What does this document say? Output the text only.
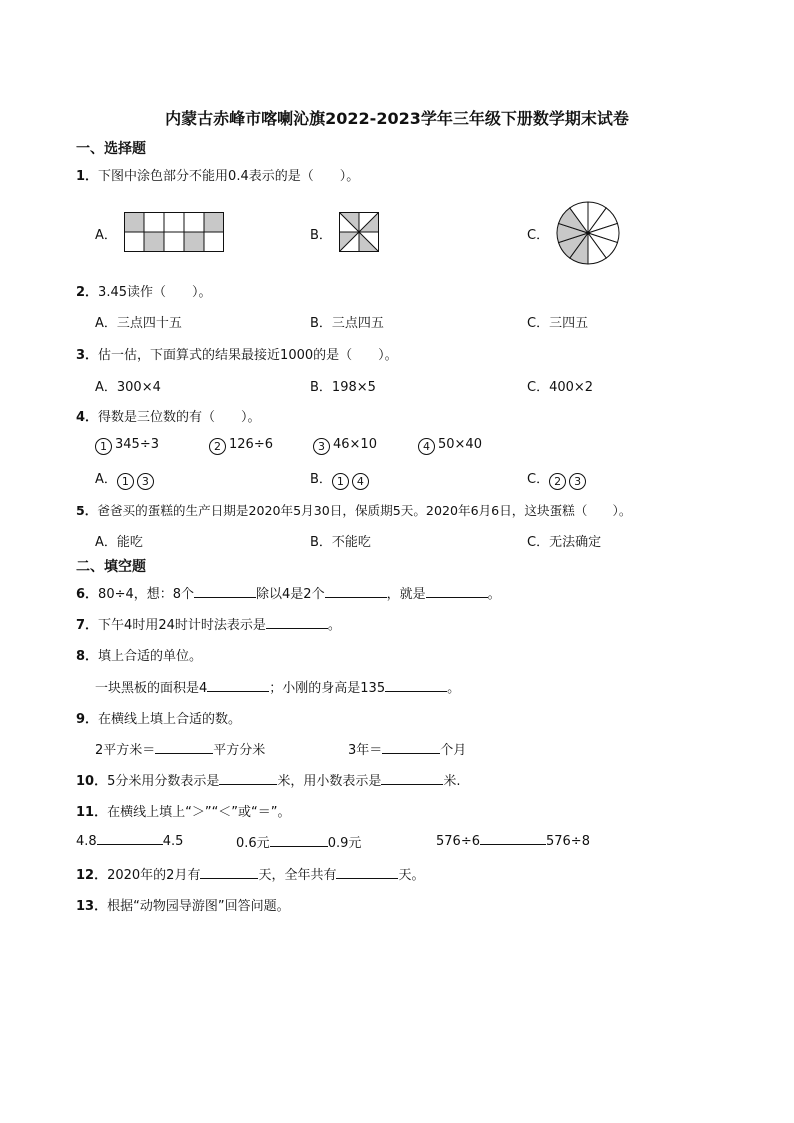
内蒙古赤峰市喀喇沁旗2022-2023学年三年级下册数学期末试卷
一、选择题
1．下图中涂色部分不能用0.4表示的是（　　）。
A．	B．	C．
2．3.45读作（　　）。
A．三点四十五	B．三点四五	C．三四五
3．估一估，下面算式的结果最接近1000的是（　　）。
A．300×4	B．198×5	C．400×2
4．得数是三位数的有（　　）。
1 345÷3	2 126÷6	3 46×10	4 50×40
A． 1 3	B． 1 4	C． 2 3
5．爸爸买的蛋糕的生产日期是2020年5月30日，保质期5天。2020年6月6日，这块蛋糕（　　）。
A．能吃	B．不能吃	C．无法确定
二、填空题
6．80÷4，想：8个	除以4是2个	，就是	。
7．下午4时用24时计时法表示是	。
8．填上合适的单位。
一块黑板的面积是4	；小刚的身高是135	。
9．在横线上填上合适的数。
2平方米＝	平方分米	3年＝	个月
10．5分米用分数表示是	米，用小数表示是	米.
11．在横线上填上“＞”“＜”或“＝”。
4.8	4.5	0.6元	0.9元	576÷6	576÷8
12．2020年的2月有	天，全年共有	天。
13．根据“动物园导游图”回答问题。
